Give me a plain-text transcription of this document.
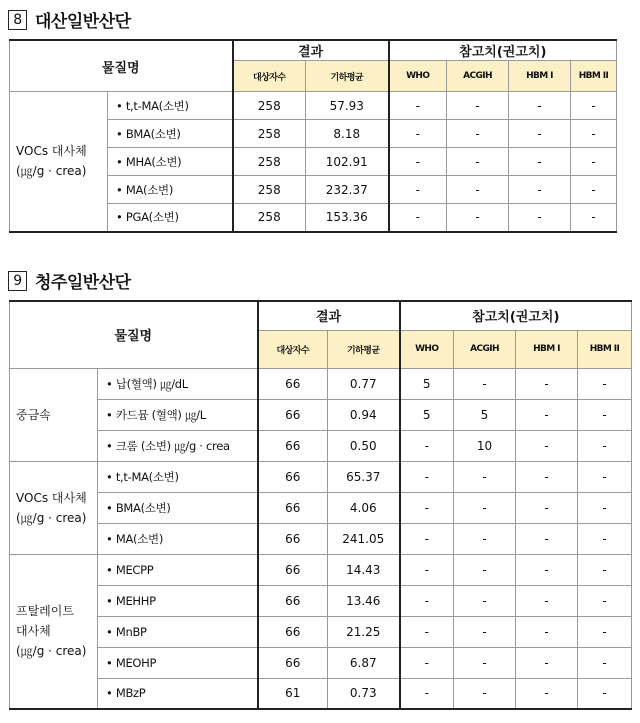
8 대산일반산단
물질명		결과		참고치(권고치)			
		대상자수	기하평균	WHO	ACGIH	HBM I	HBM II

VOCs 대사체
(㎍/g · crea)	• t,t-MA(소변)	258	57.93	-	-	-	-
	• BMA(소변)	258	8.18	-	-	-	-
	• MHA(소변)	258	102.91	-	-	-	-
	• MA(소변)	258	232.37	-	-	-	-
	• PGA(소변)	258	153.36	-	-	-	-
9 청주일반산단
물질명		결과		참고치(권고치)			
		대상자수	기하평균	WHO	ACGIH	HBM I	HBM II

중금속	• 납(혈액) ㎍/dL	66	0.77	5	-	-	-
	• 카드뮴 (혈액) ㎍/L	66	0.94	5	5	-	-
	• 크롬 (소변) ㎍/g · crea	66	0.50	-	10	-	-

VOCs 대사체
(㎍/g · crea)	• t,t-MA(소변)	66	65.37	-	-	-	-
	• BMA(소변)	66	4.06	-	-	-	-
	• MA(소변)	66	241.05	-	-	-	-

프탈레이트
대사체
(㎍/g · crea)	• MECPP	66	14.43	-	-	-	-
	• MEHHP	66	13.46	-	-	-	-
	• MnBP	66	21.25	-	-	-	-
	• MEOHP	66	6.87	-	-	-	-
	• MBzP	61	0.73	-	-	-	-
